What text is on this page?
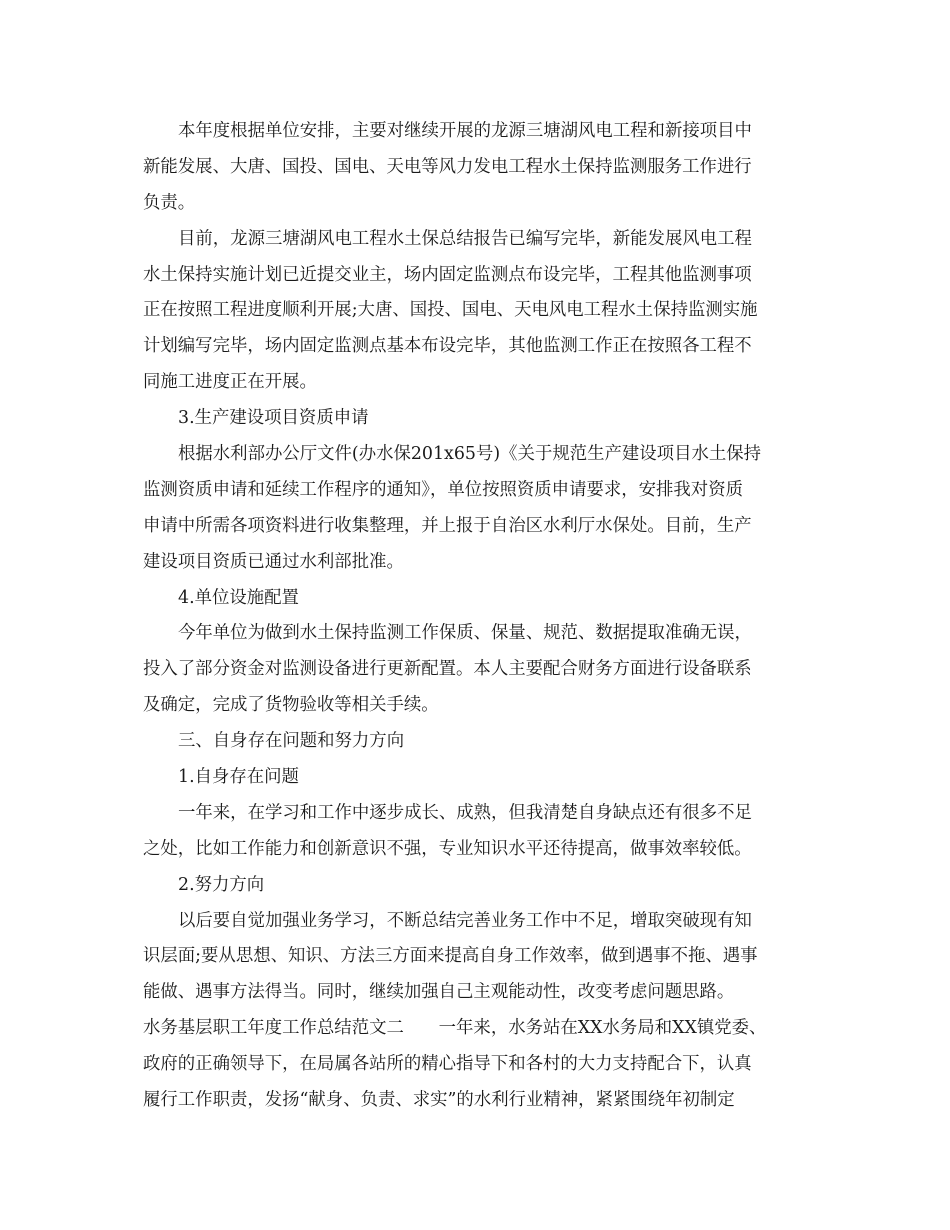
本年度根据单位安排，主要对继续开展的龙源三塘湖风电工程和新接项目中
新能发展、大唐、国投、国电、天电等风力发电工程水土保持监测服务工作进行
负责。
目前，龙源三塘湖风电工程水土保总结报告已编写完毕，新能发展风电工程
水土保持实施计划已近提交业主，场内固定监测点布设完毕，工程其他监测事项
正在按照工程进度顺利开展;大唐、国投、国电、天电风电工程水土保持监测实施
计划编写完毕，场内固定监测点基本布设完毕，其他监测工作正在按照各工程不
同施工进度正在开展。
3.生产建设项目资质申请
根据水利部办公厅文件(办水保201x65号)《关于规范生产建设项目水土保持
监测资质申请和延续工作程序的通知》，单位按照资质申请要求，安排我对资质
申请中所需各项资料进行收集整理，并上报于自治区水利厅水保处。目前，生产
建设项目资质已通过水利部批准。
4.单位设施配置
今年单位为做到水土保持监测工作保质、保量、规范、数据提取准确无误，
投入了部分资金对监测设备进行更新配置。本人主要配合财务方面进行设备联系
及确定，完成了货物验收等相关手续。
三、自身存在问题和努力方向
1.自身存在问题
一年来，在学习和工作中逐步成长、成熟，但我清楚自身缺点还有很多不足
之处，比如工作能力和创新意识不强，专业知识水平还待提高，做事效率较低。
2.努力方向
以后要自觉加强业务学习，不断总结完善业务工作中不足，增取突破现有知
识层面;要从思想、知识、方法三方面来提高自身工作效率，做到遇事不拖、遇事
能做、遇事方法得当。同时，继续加强自己主观能动性，改变考虑问题思路。
水务基层职工年度工作总结范文二　　一年来，水务站在XX水务局和XX镇党委、
政府的正确领导下，在局属各站所的精心指导下和各村的大力支持配合下，认真
履行工作职责，发扬“献身、负责、求实”的水利行业精神，紧紧围绕年初制定
